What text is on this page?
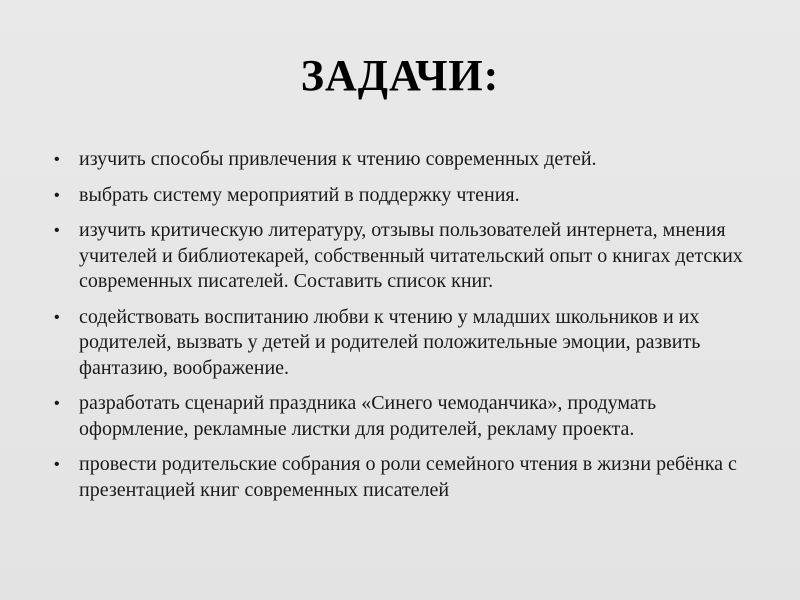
ЗАДАЧИ:
• изучить способы привлечения к чтению современных детей.
• выбрать систему мероприятий в поддержку чтения.
• изучить критическую литературу, отзывы пользователей интернета, мнения учителей и библиотекарей, собственный читательский опыт о книгах детских современных писателей. Составить список книг.
• содействовать воспитанию любви к чтению у младших школьников и их родителей, вызвать у детей и родителей положительные эмоции, развить фантазию, воображение.
• разработать сценарий праздника «Синего чемоданчика», продумать оформление, рекламные листки для родителей, рекламу проекта.
• провести родительские собрания о роли семейного чтения в жизни ребёнка с презентацией книг современных писателей
